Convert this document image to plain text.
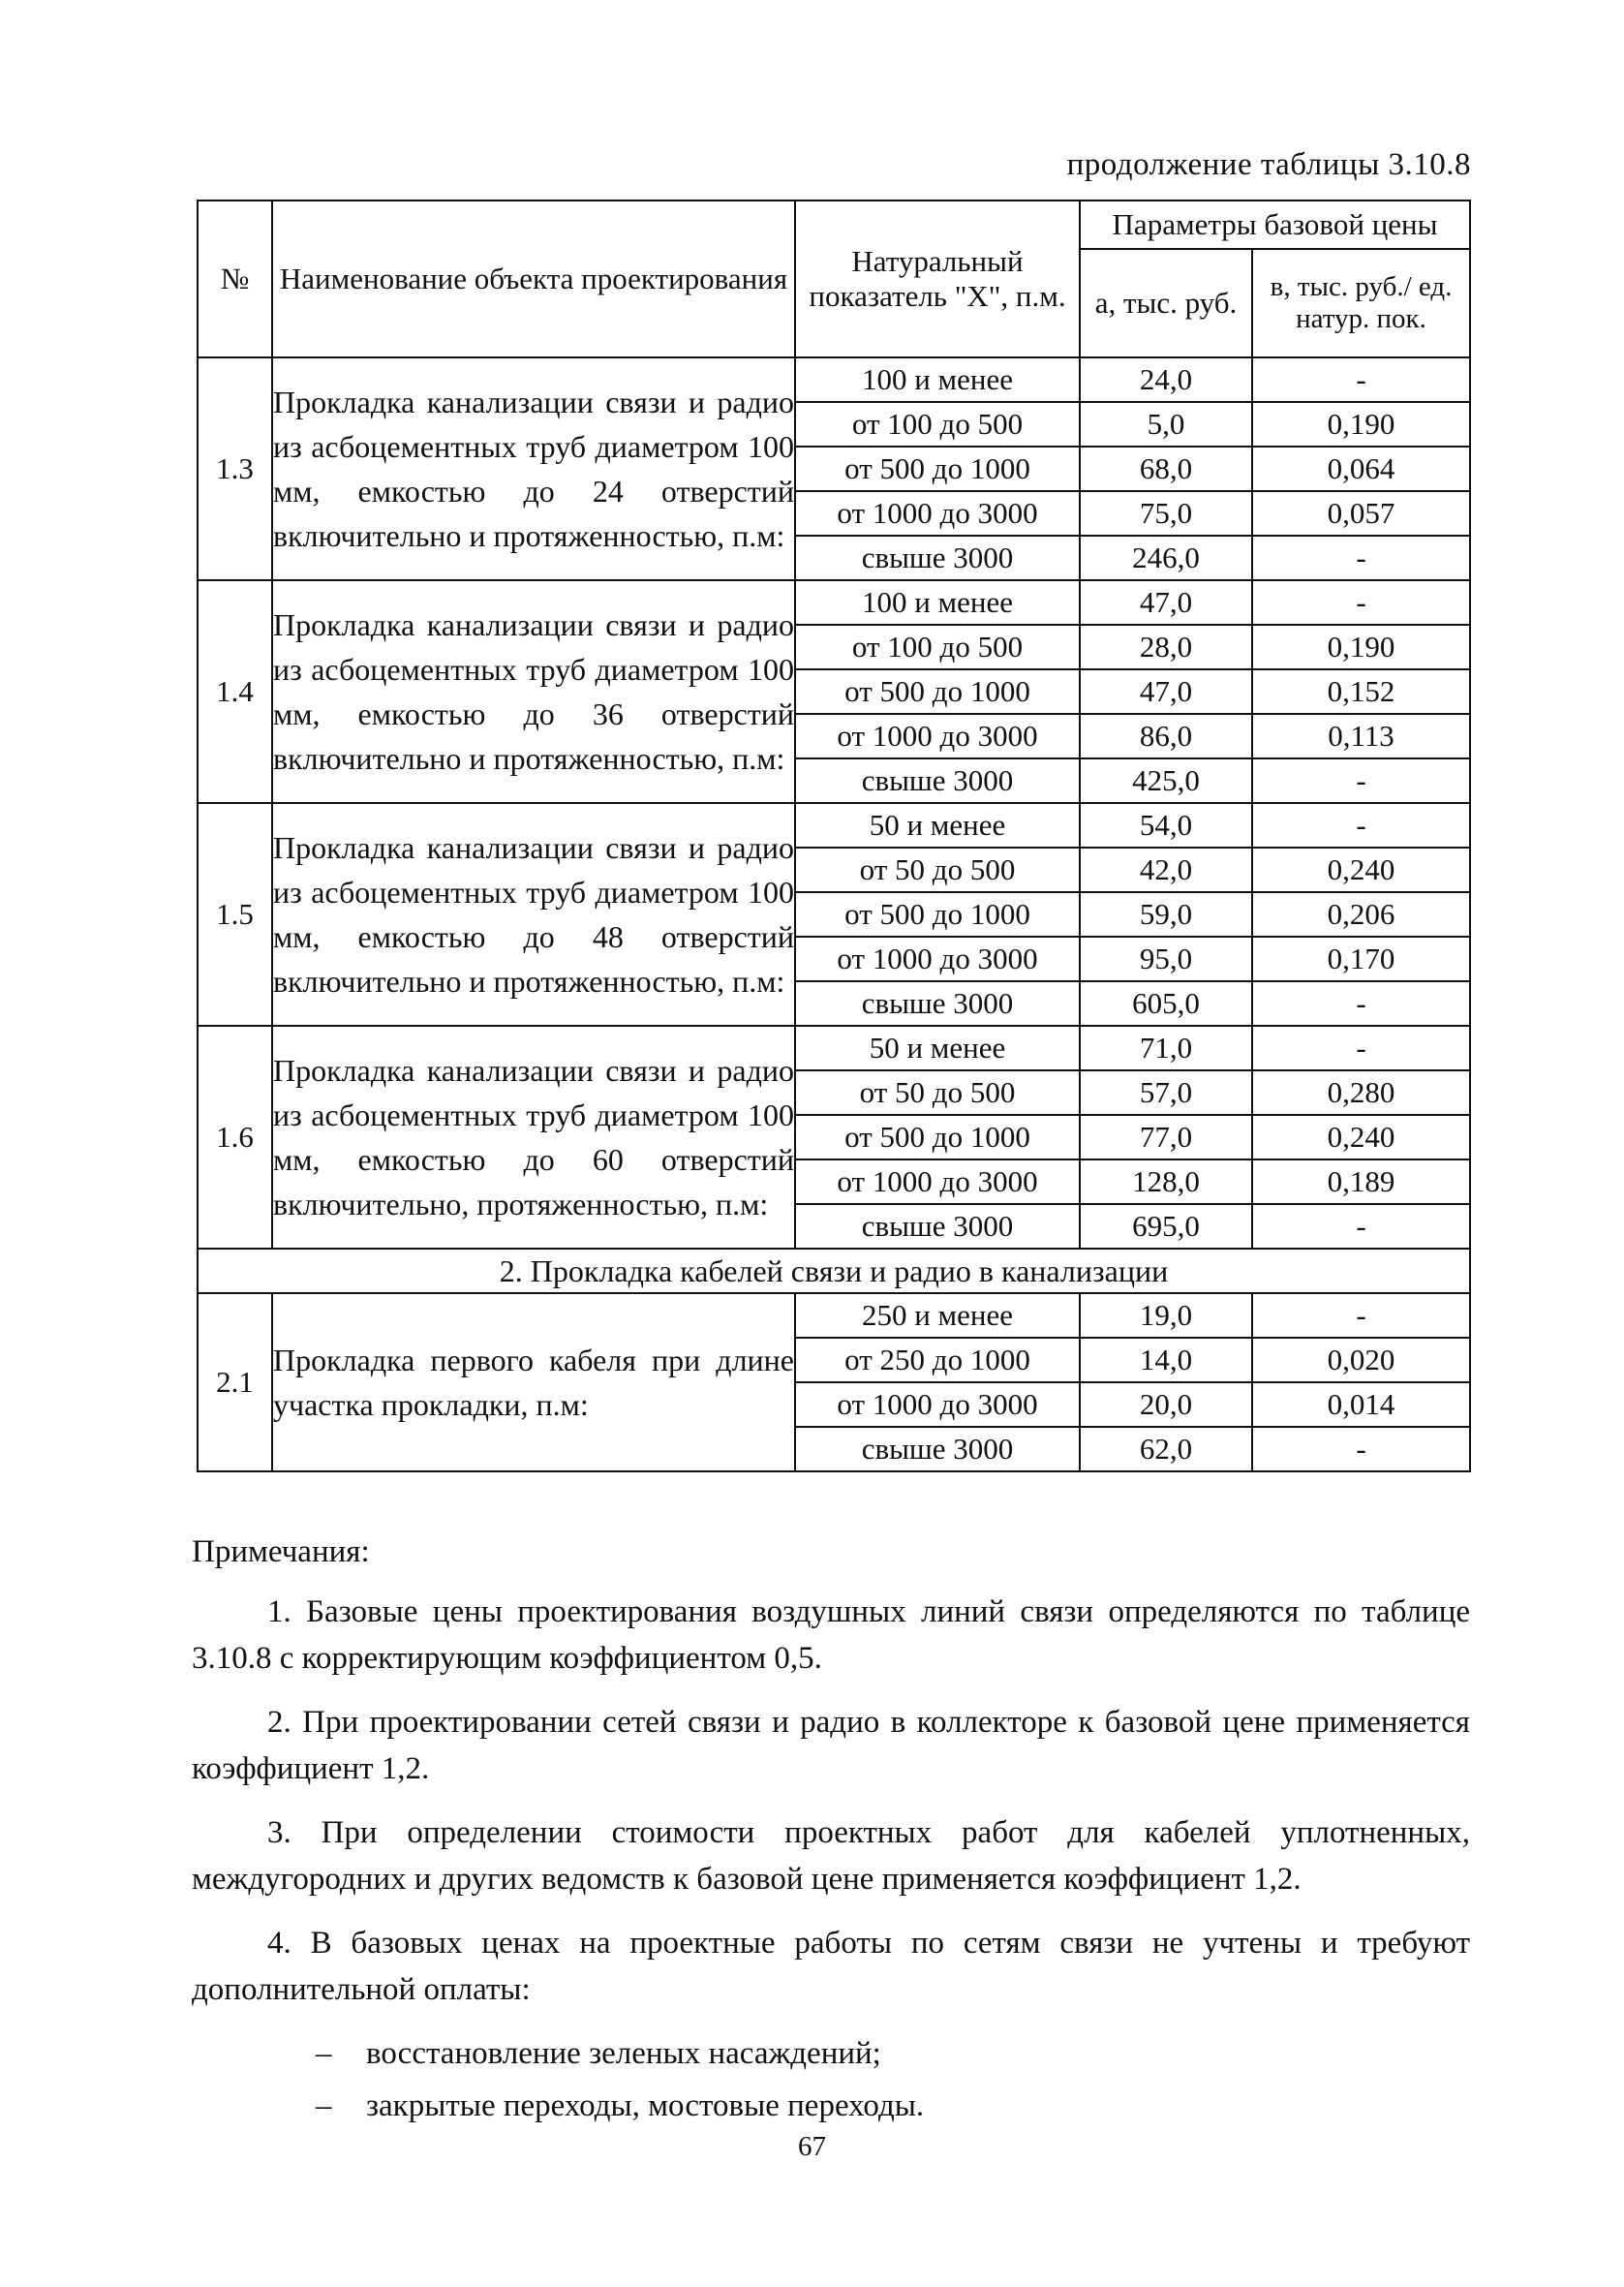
продолжение таблицы 3.10.8
№	Наименование объекта проектирования	Натуральный показатель "X", п.м.	Параметры базовой цены	
			а, тыс. руб.	в, тыс. руб./ ед. натур. пок.
1.3	Прокладка канализации связи и радио из асбоцементных труб диаметром 100 мм, емкостью до 24 отверстий включительно и протяженностью, п.м:	100 и менее	24,0	-
		от 100 до 500	5,0	0,190
		от 500 до 1000	68,0	0,064
		от 1000 до 3000	75,0	0,057
		свыше 3000	246,0	-
1.4	Прокладка канализации связи и радио из асбоцементных труб диаметром 100 мм, емкостью до 36 отверстий включительно и протяженностью, п.м:	100 и менее	47,0	-
		от 100 до 500	28,0	0,190
		от 500 до 1000	47,0	0,152
		от 1000 до 3000	86,0	0,113
		свыше 3000	425,0	-
1.5	Прокладка канализации связи и радио из асбоцементных труб диаметром 100 мм, емкостью до 48 отверстий включительно и протяженностью, п.м:	50 и менее	54,0	-
		от 50 до 500	42,0	0,240
		от 500 до 1000	59,0	0,206
		от 1000 до 3000	95,0	0,170
		свыше 3000	605,0	-
1.6	Прокладка канализации связи и радио из асбоцементных труб диаметром 100 мм, емкостью до 60 отверстий включительно, протяженностью, п.м:	50 и менее	71,0	-
		от 50 до 500	57,0	0,280
		от 500 до 1000	77,0	0,240
		от 1000 до 3000	128,0	0,189
		свыше 3000	695,0	-
2. Прокладка кабелей связи и радио в канализации				
2.1	Прокладка первого кабеля при длине участка прокладки, п.м:	250 и менее	19,0	-
		от 250 до 1000	14,0	0,020
		от 1000 до 3000	20,0	0,014
		свыше 3000	62,0	-

Примечания:

1. Базовые цены проектирования воздушных линий связи определяются по таблице 3.10.8 с корректирующим коэффициентом 0,5.

2. При проектировании сетей связи и радио в коллекторе к базовой цене применяется коэффициент 1,2.

3. При определении стоимости проектных работ для кабелей уплотненных, междугородних и других ведомств к базовой цене применяется коэффициент 1,2.

4. В базовых ценах на проектные работы по сетям связи не учтены и требуют дополнительной оплаты:

– восстановление зеленых насаждений;

– закрытые переходы, мостовые переходы.

67
